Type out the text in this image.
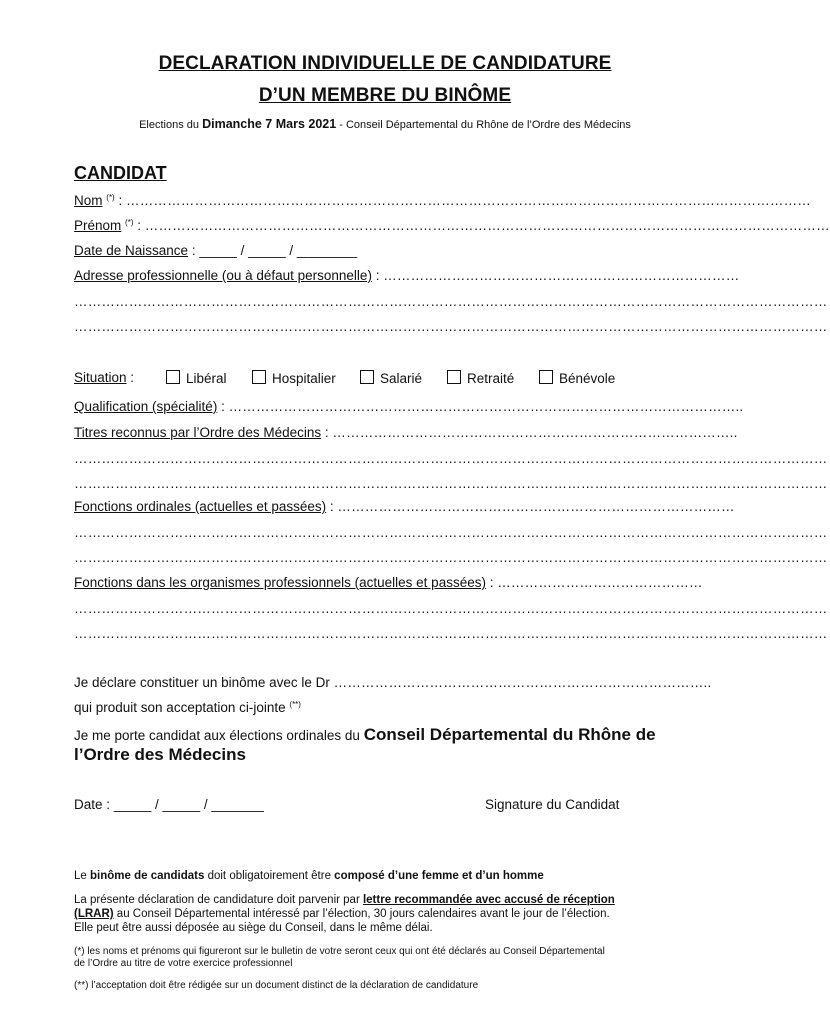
DECLARATION INDIVIDUELLE DE CANDIDATURE
D’UN MEMBRE DU BINÔME
Elections du Dimanche 7 Mars 2021 - Conseil Départemental du Rhône de l’Ordre des Médecins
CANDIDAT
Nom (*) : ……………………………………………………………………………………………………………………………………
Prénom (*) : ……………………………………………………………………………………………………………………………………
Date de Naissance : _____ / _____ / ________
Adresse professionnelle (ou à défaut personnelle) : ……………………………………………………………………
…………………………………………………………………………………………………………………………………………………
…………………………………………………………………………………………………………………………………………………
Situation :	Libéral	Hospitalier	Salarié	Retraité	Bénévole
Qualification (spécialité) : …………………………………………………………………………………………………..
Titres reconnus par l’Ordre des Médecins : ……………………………………………………………………………..
…………………………………………………………………………………………………………………………………………………
…………………………………………………………………………………………………………………………………………………
Fonctions ordinales (actuelles et passées) : ……………………………………………………………………………
…………………………………………………………………………………………………………………………………………………
…………………………………………………………………………………………………………………………………………………
Fonctions dans les organismes professionnels (actuelles et passées) : ………………………………………
…………………………………………………………………………………………………………………………………………………
…………………………………………………………………………………………………………………………………………………
Je déclare constituer un binôme avec le Dr ………………………………………………………………………..
qui produit son acceptation ci-jointe (**)
Je me porte candidat aux élections ordinales du Conseil Départemental du Rhône de
l’Ordre des Médecins
Date : _____ / _____ / _______	Signature du Candidat
Le binôme de candidats doit obligatoirement être composé d’une femme et d’un homme
La présente déclaration de candidature doit parvenir par lettre recommandée avec accusé de réception
(LRAR) au Conseil Départemental intéressé par l’élection, 30 jours calendaires avant le jour de l’élection.
Elle peut être aussi déposée au siège du Conseil, dans le même délai.
(*) les noms et prénoms qui figureront sur le bulletin de votre seront ceux qui ont été déclarés au Conseil Départemental
de l’Ordre au titre de votre exercice professionnel
(**) l’acceptation doit être rédigée sur un document distinct de la déclaration de candidature
